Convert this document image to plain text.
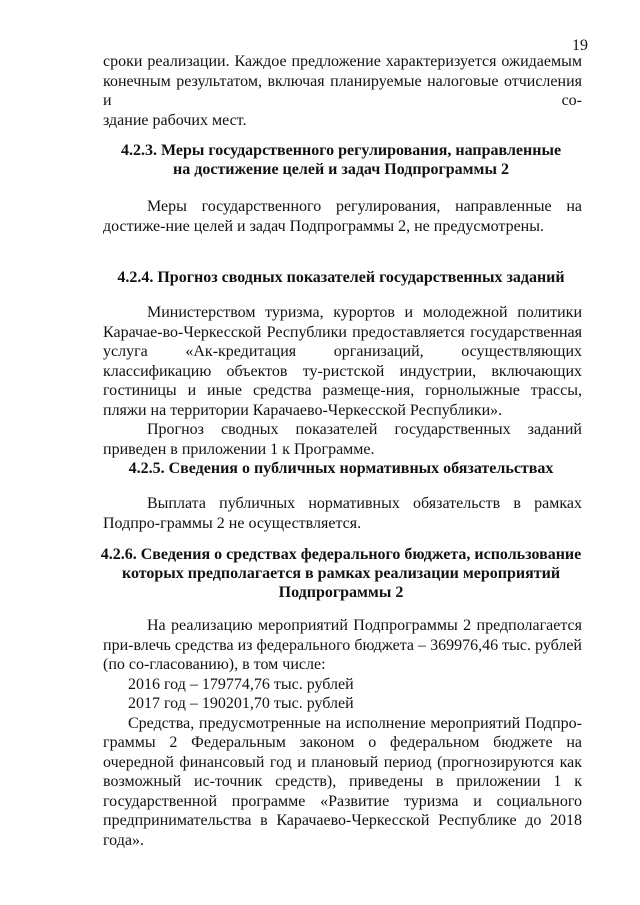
19

сроки реализации. Каждое предложение характеризуется ожидаемым

конечным результатом, включая планируемые налоговые отчисления и со-

здание рабочих мест.

4.2.3. Меры государственного регулирования, направленные
на достижение целей и задач Подпрограммы 2

Меры государственного регулирования, направленные на достиже-ние целей и задач Подпрограммы 2, не предусмотрены.

4.2.4. Прогноз сводных показателей государственных заданий

Министерством туризма, курортов и молодежной политики Карачае-во-Черкесской Республики предоставляется государственная услуга «Ак-кредитация организаций, осуществляющих классификацию объектов ту-ристской индустрии, включающих гостиницы и иные средства размеще-ния, горнолыжные трассы, пляжи на территории Карачаево-Черкесской Республики».

Прогноз сводных показателей государственных заданий приведен в приложении 1 к Программе.

4.2.5. Сведения о публичных нормативных обязательствах

Выплата публичных нормативных обязательств в рамках Подпро-граммы 2 не осуществляется.

4.2.6. Сведения о средствах федерального бюджета, использование
которых предполагается в рамках реализации мероприятий
Подпрограммы 2

На реализацию мероприятий Подпрограммы 2 предполагается при-влечь средства из федерального бюджета – 369976,46 тыс. рублей (по со-гласованию), в том числе:

2016 год – 179774,76 тыс. рублей

2017 год – 190201,70 тыс. рублей

Средства, предусмотренные на исполнение мероприятий Подпро-граммы 2 Федеральным законом о федеральном бюджете на очередной финансовый год и плановый период (прогнозируются как возможный ис-точник средств), приведены в приложении 1 к государственной программе «Развитие туризма и социального предпринимательства в Карачаево-Черкесской Республике до 2018 года».
